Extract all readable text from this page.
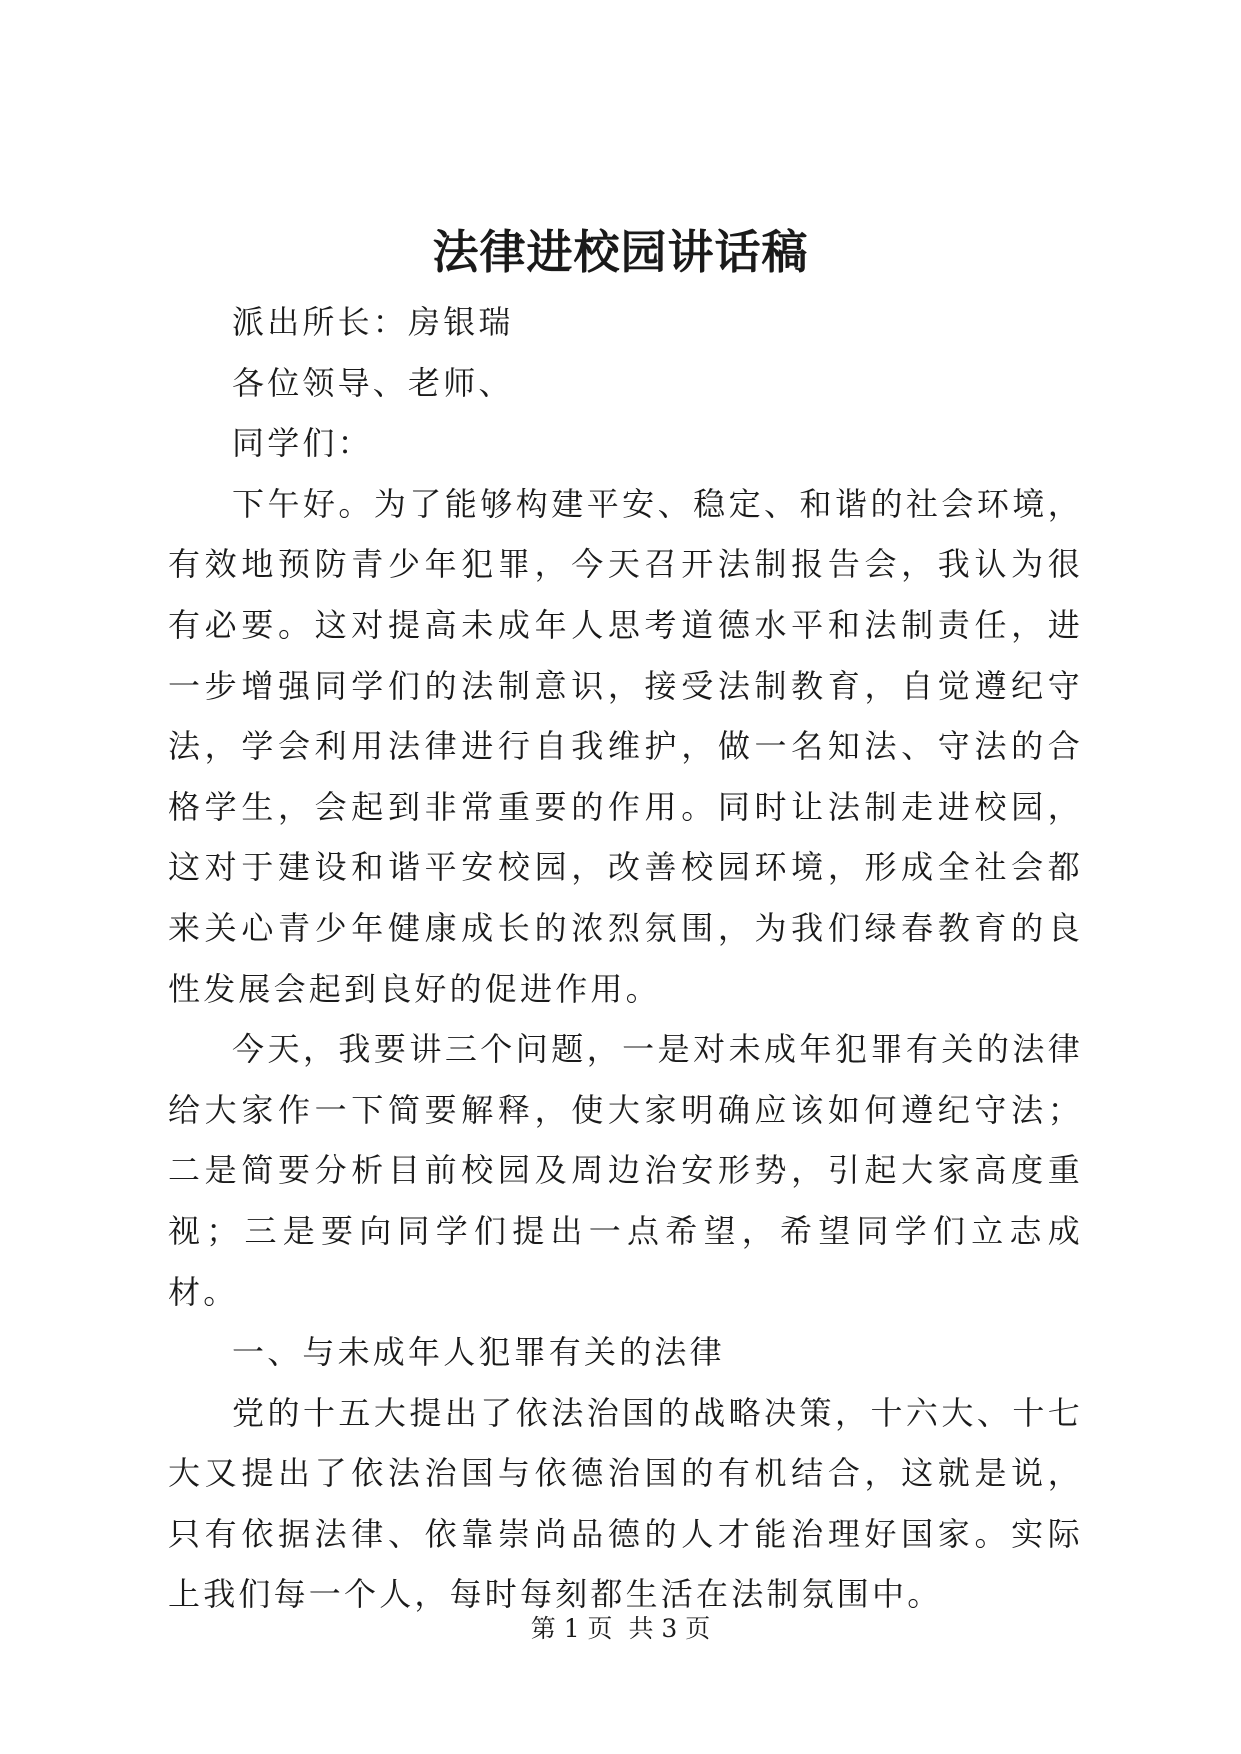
法律进校园讲话稿

派出所长：房银瑞

各位领导、老师、

同学们：

下午好。为了能够构建平安、稳定、和谐的社会环境，有效地预防青少年犯罪，今天召开法制报告会，我认为很有必要。这对提高未成年人思考道德水平和法制责任，进一步增强同学们的法制意识，接受法制教育，自觉遵纪守法，学会利用法律进行自我维护，做一名知法、守法的合格学生，会起到非常重要的作用。同时让法制走进校园，这对于建设和谐平安校园，改善校园环境，形成全社会都来关心青少年健康成长的浓烈氛围，为我们绿春教育的良性发展会起到良好的促进作用。

今天，我要讲三个问题，一是对未成年犯罪有关的法律给大家作一下简要解释，使大家明确应该如何遵纪守法；二是简要分析目前校园及周边治安形势，引起大家高度重视；三是要向同学们提出一点希望，希望同学们立志成材。

一、与未成年人犯罪有关的法律

党的十五大提出了依法治国的战略决策，十六大、十七大又提出了依法治国与依德治国的有机结合，这就是说，只有依据法律、依靠崇尚品德的人才能治理好国家。实际上我们每一个人，每时每刻都生活在法制氛围中。

第 1 页  共 3 页
